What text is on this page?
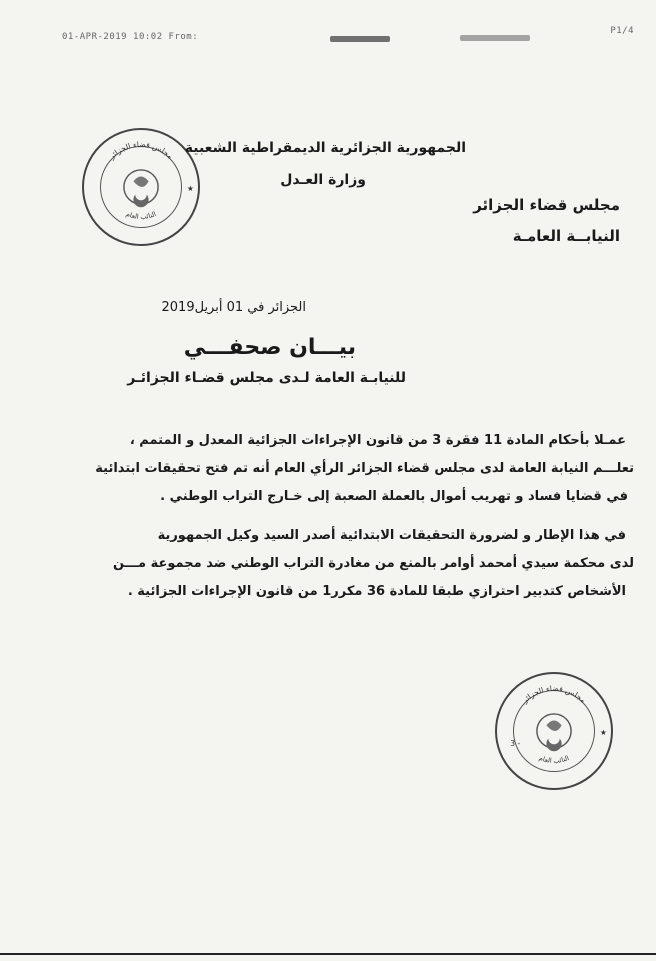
01-APR-2019 10:02 From:
P1/4
مجلس قضاء الجزائر
النائب العام
★
الجمهورية الجزائرية الديمقراطية الشعبية
وزارة العـدل
مجلس قضاء الجزائر
النيابــة العامـة
الجزائر في 01 أبريل2019
بيـــان صحفـــي
للنيابـة العامة لـدى مجلس قضـاء الجزائـر
عمـلا بأحكام المادة 11 فقرة 3 من قانون الإجراءات الجزائية المعدل و المتمم ،
تعلـــم النيابة العامة لدى مجلس قضاء الجزائر الرأي العام أنه تم فتح تحقيقات ابتدائية
في قضايا فساد و تهريب أموال بالعملة الصعبة إلى خـارج التراب الوطني .
في هذا الإطار و لضرورة التحقيقات الابتدائية أصدر السيد وكيل الجمهورية
لدى محكمة سيدي أمحمد أوامر بالمنع من مغادرة التراب الوطني ضد مجموعة مـــن
الأشخاص كتدبير احترازي طبقا للمادة 36 مكرر1 من قانون الإجراءات الجزائية .
مجلس قضاء الجزائر
النائب العام
3 -
★
